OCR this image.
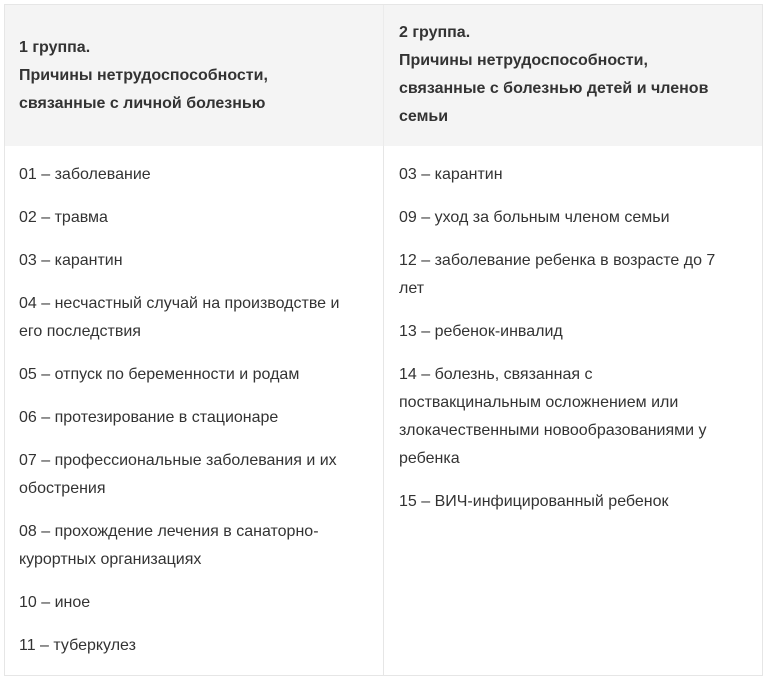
1 группа.
Причины нетрудоспособности,
связанные с личной болезнью
2 группа.
Причины нетрудоспособности,
связанные с болезнью детей и членов
семьи
01 – заболевание
02 – травма
03 – карантин
04 – несчастный случай на производстве и
его последствия
05 – отпуск по беременности и родам
06 – протезирование в стационаре
07 – профессиональные заболевания и их
обострения
08 – прохождение лечения в санаторно-
курортных организациях
10 – иное
11 – туберкулез
03 – карантин
09 – уход за больным членом семьи
12 – заболевание ребенка в возрасте до 7
лет
13 – ребенок-инвалид
14 – болезнь, связанная с
поствакцинальным осложнением или
злокачественными новообразованиями у
ребенка
15 – ВИЧ-инфицированный ребенок
